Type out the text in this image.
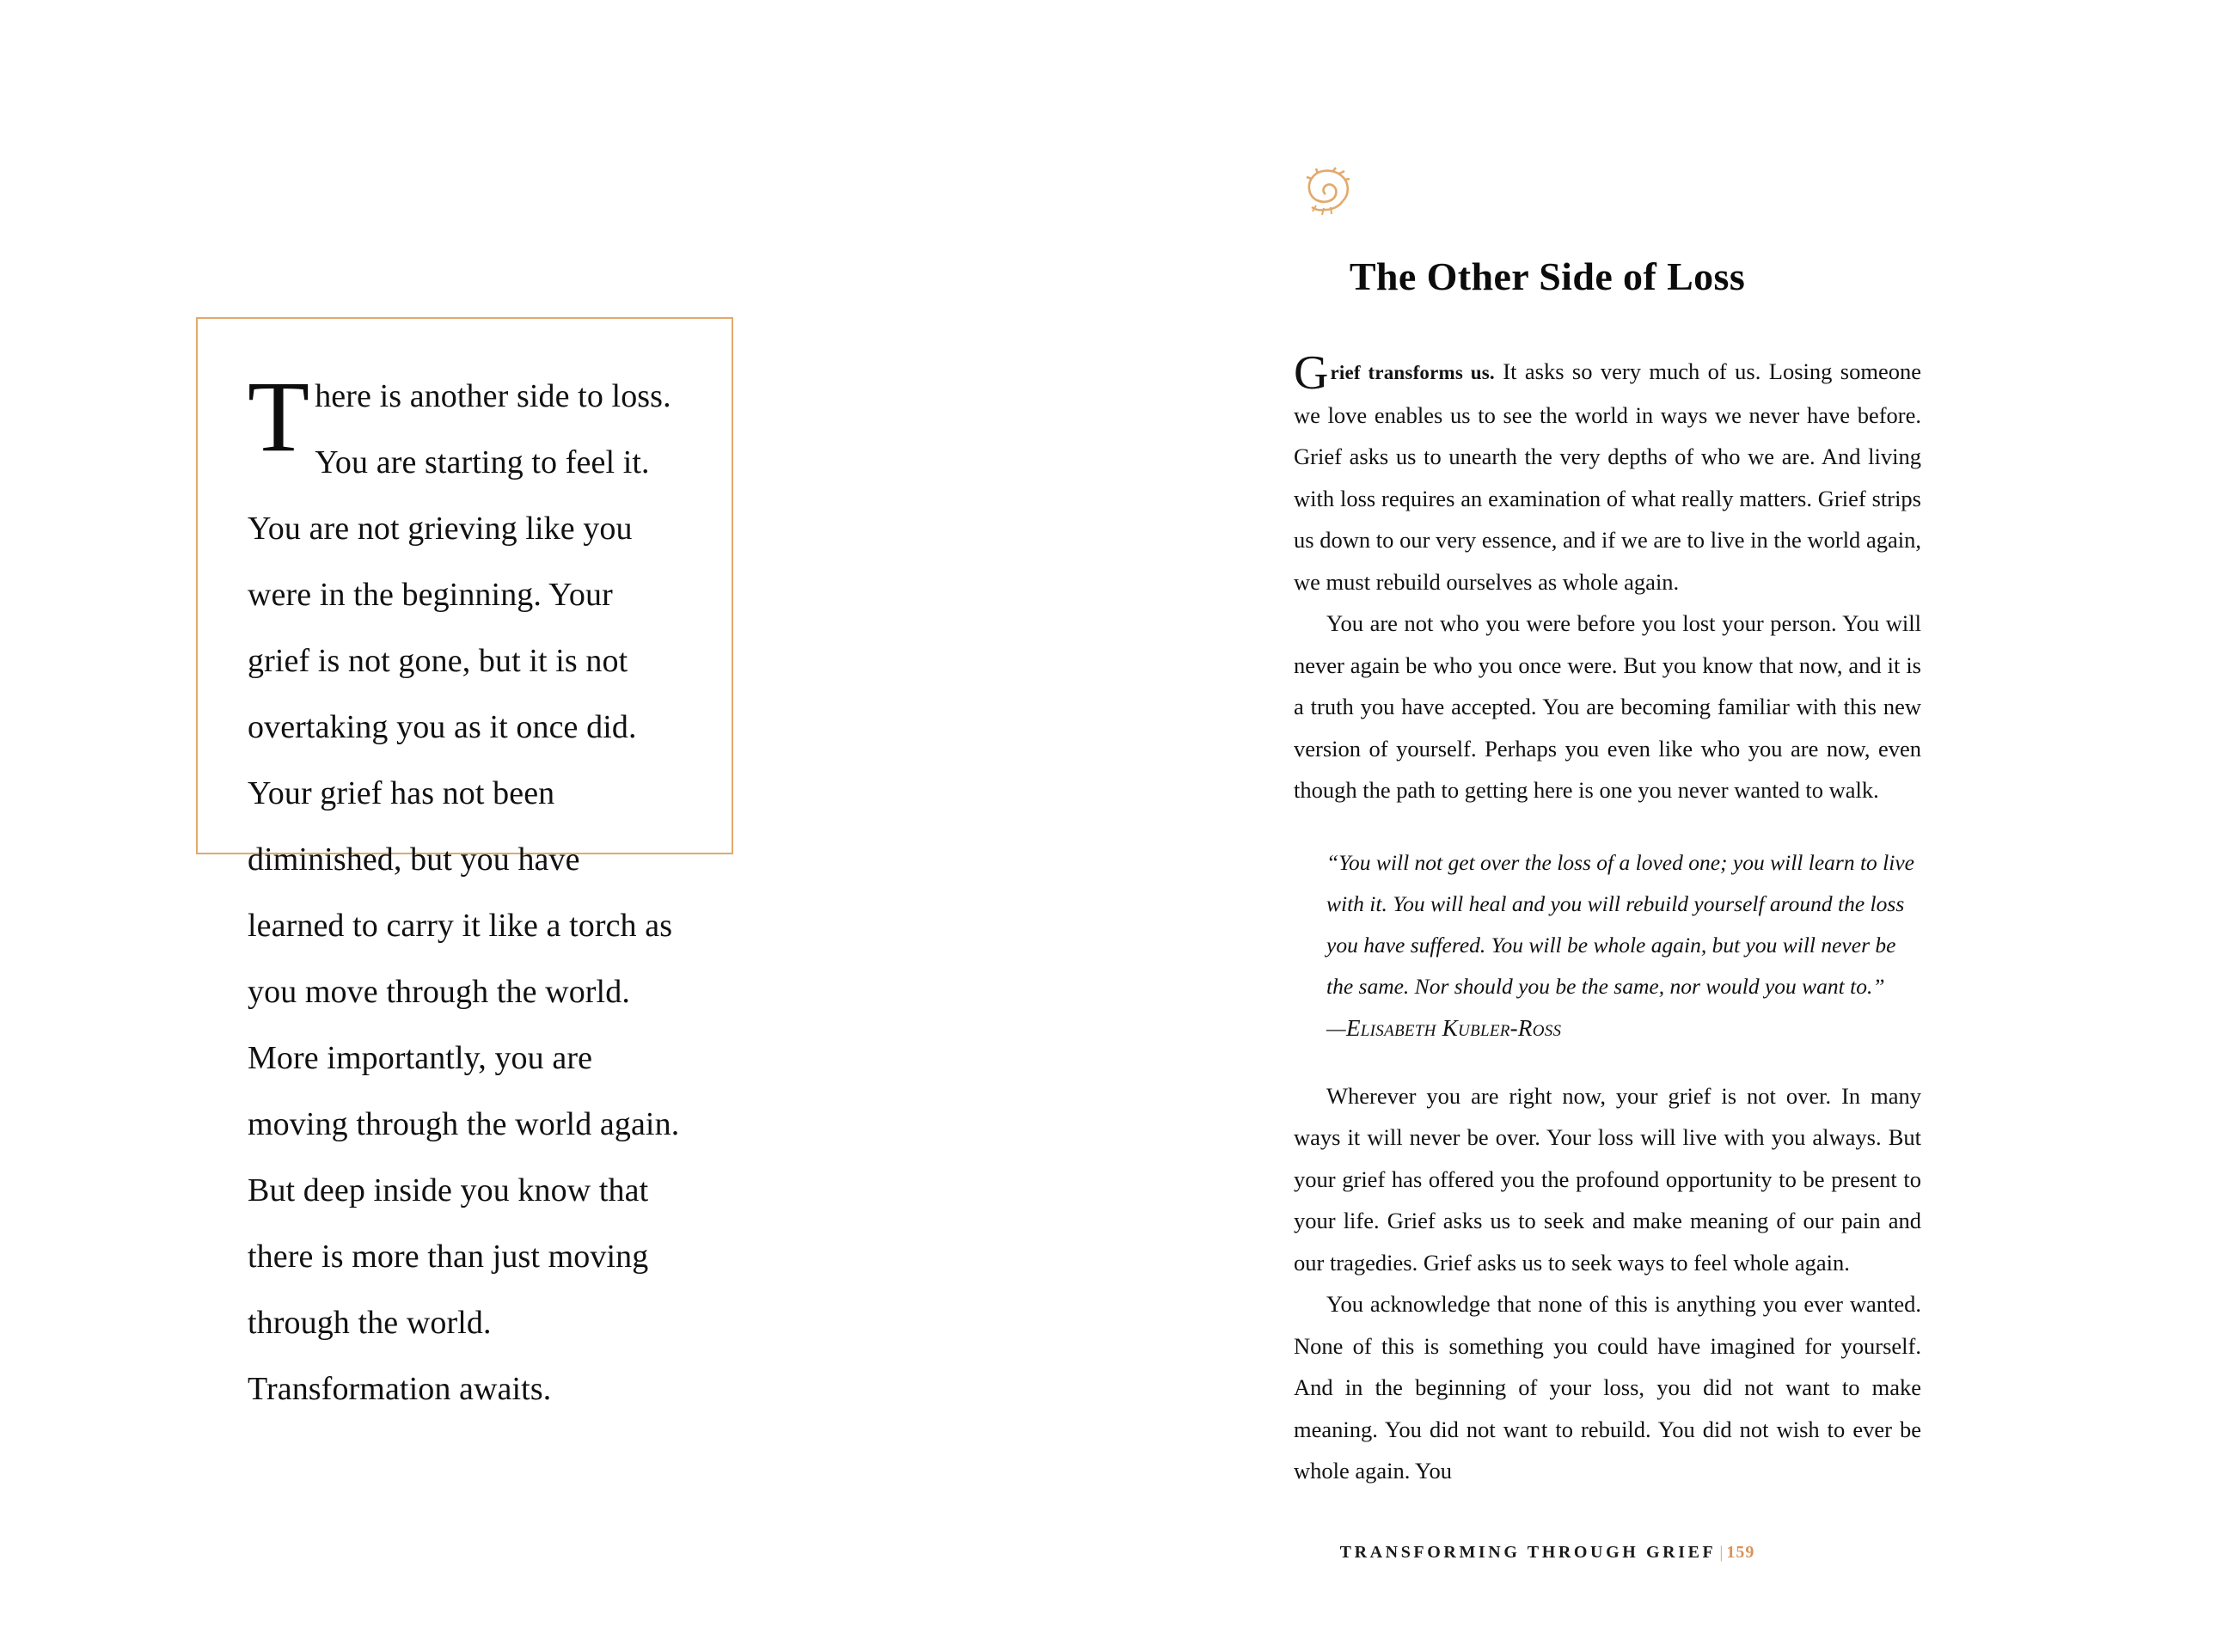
There is another side to loss. You are starting to feel it. You are not grieving like you were in the beginning. Your grief is not gone, but it is not overtaking you as it once did. Your grief has not been diminished, but you have learned to carry it like a torch as you move through the world. More importantly, you are moving through the world again. But deep inside you know that there is more than just moving through the world. Transformation awaits.
The Other Side of Loss

Grief transforms us. It asks so very much of us. Losing someone we love enables us to see the world in ways we never have before. Grief asks us to unearth the very depths of who we are. And living with loss requires an examination of what really matters. Grief strips us down to our very essence, and if we are to live in the world again, we must rebuild ourselves as whole again.

You are not who you were before you lost your person. You will never again be who you once were. But you know that now, and it is a truth you have accepted. You are becoming familiar with this new version of yourself. Perhaps you even like who you are now, even though the path to getting here is one you never wanted to walk.

“You will not get over the loss of a loved one; you will learn to live with it. You will heal and you will rebuild yourself around the loss you have suffered. You will be whole again, but you will never be the same. Nor should you be the same, nor would you want to.”

—Elisabeth Kubler-Ross

Wherever you are right now, your grief is not over. In many ways it will never be over. Your loss will live with you always. But your grief has offered you the profound opportunity to be present to your life. Grief asks us to seek and make meaning of our pain and our tragedies. Grief asks us to seek ways to feel whole again.

You acknowledge that none of this is anything you ever wanted. None of this is something you could have imagined for yourself. And in the beginning of your loss, you did not want to make meaning. You did not want to rebuild. You did not wish to ever be whole again. You

TRANSFORMING THROUGH GRIEF | 159
